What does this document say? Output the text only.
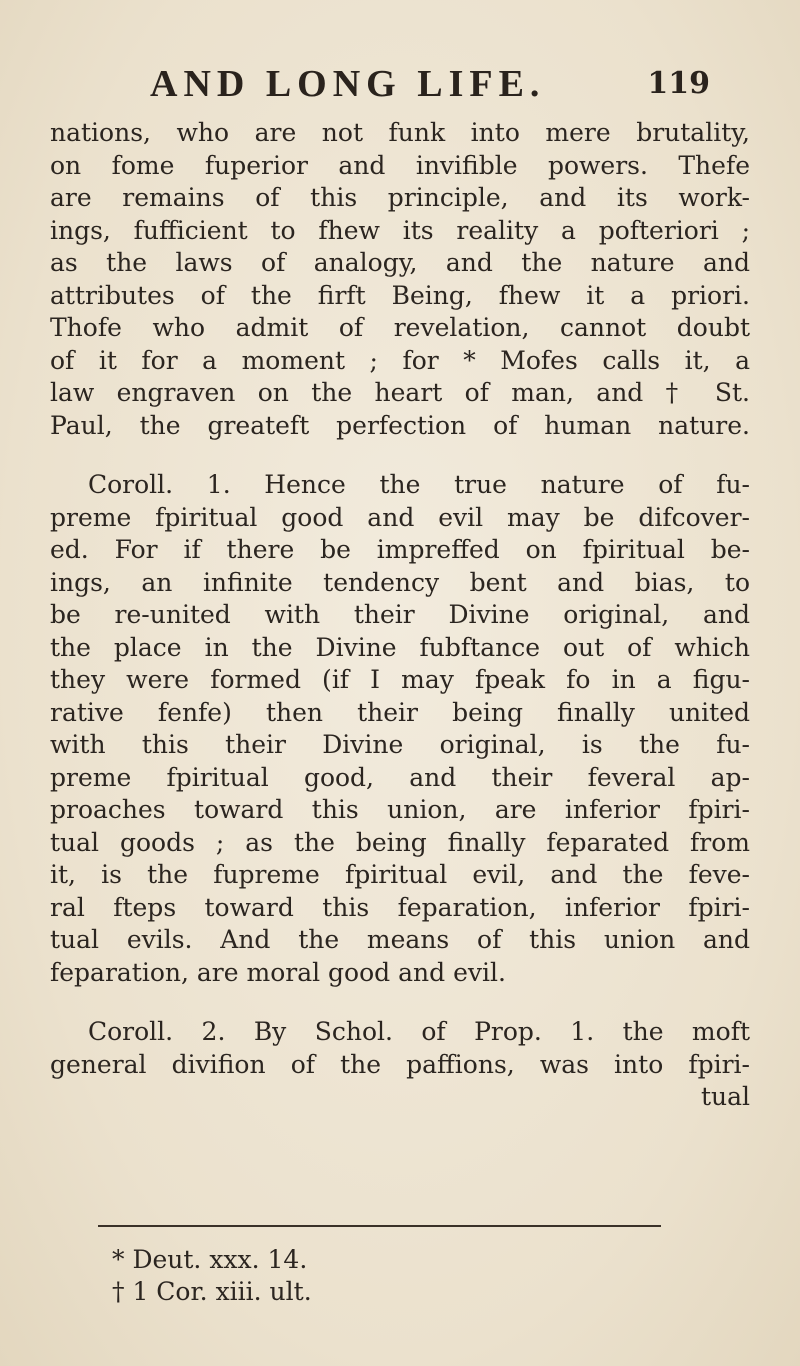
AND LONG LIFE.	119
nations, who are not funk into mere brutality,
on fome fuperior and invifible powers. Thefe
are remains of this principle, and its work-
ings, fufficient to fhew its reality a pofteriori ;
as the laws of analogy, and the nature and
attributes of the firft Being, fhew it a priori.
Thofe who admit of revelation, cannot doubt
of it for a moment ; for * Mofes calls it, a
law engraven on the heart of man, and † St.
Paul, the greateft perfection of human nature.
Coroll. 1. Hence the true nature of fu-
preme fpiritual good and evil may be difcover-
ed. For if there be impreffed on fpiritual be-
ings, an infinite tendency bent and bias, to
be re-united with their Divine original, and
the place in the Divine fubftance out of which
they were formed (if I may fpeak fo in a figu-
rative fenfe) then their being finally united
with this their Divine original, is the fu-
preme fpiritual good, and their feveral ap-
proaches toward this union, are inferior fpiri-
tual goods ; as the being finally feparated from
it, is the fupreme fpiritual evil, and the feve-
ral fteps toward this feparation, inferior fpiri-
tual evils. And the means of this union and
feparation, are moral good and evil.
Coroll. 2. By Schol. of Prop. 1. the moft
general divifion of the paffions, was into fpiri-
tual
* Deut. xxx. 14.
† 1 Cor. xiii. ult.
